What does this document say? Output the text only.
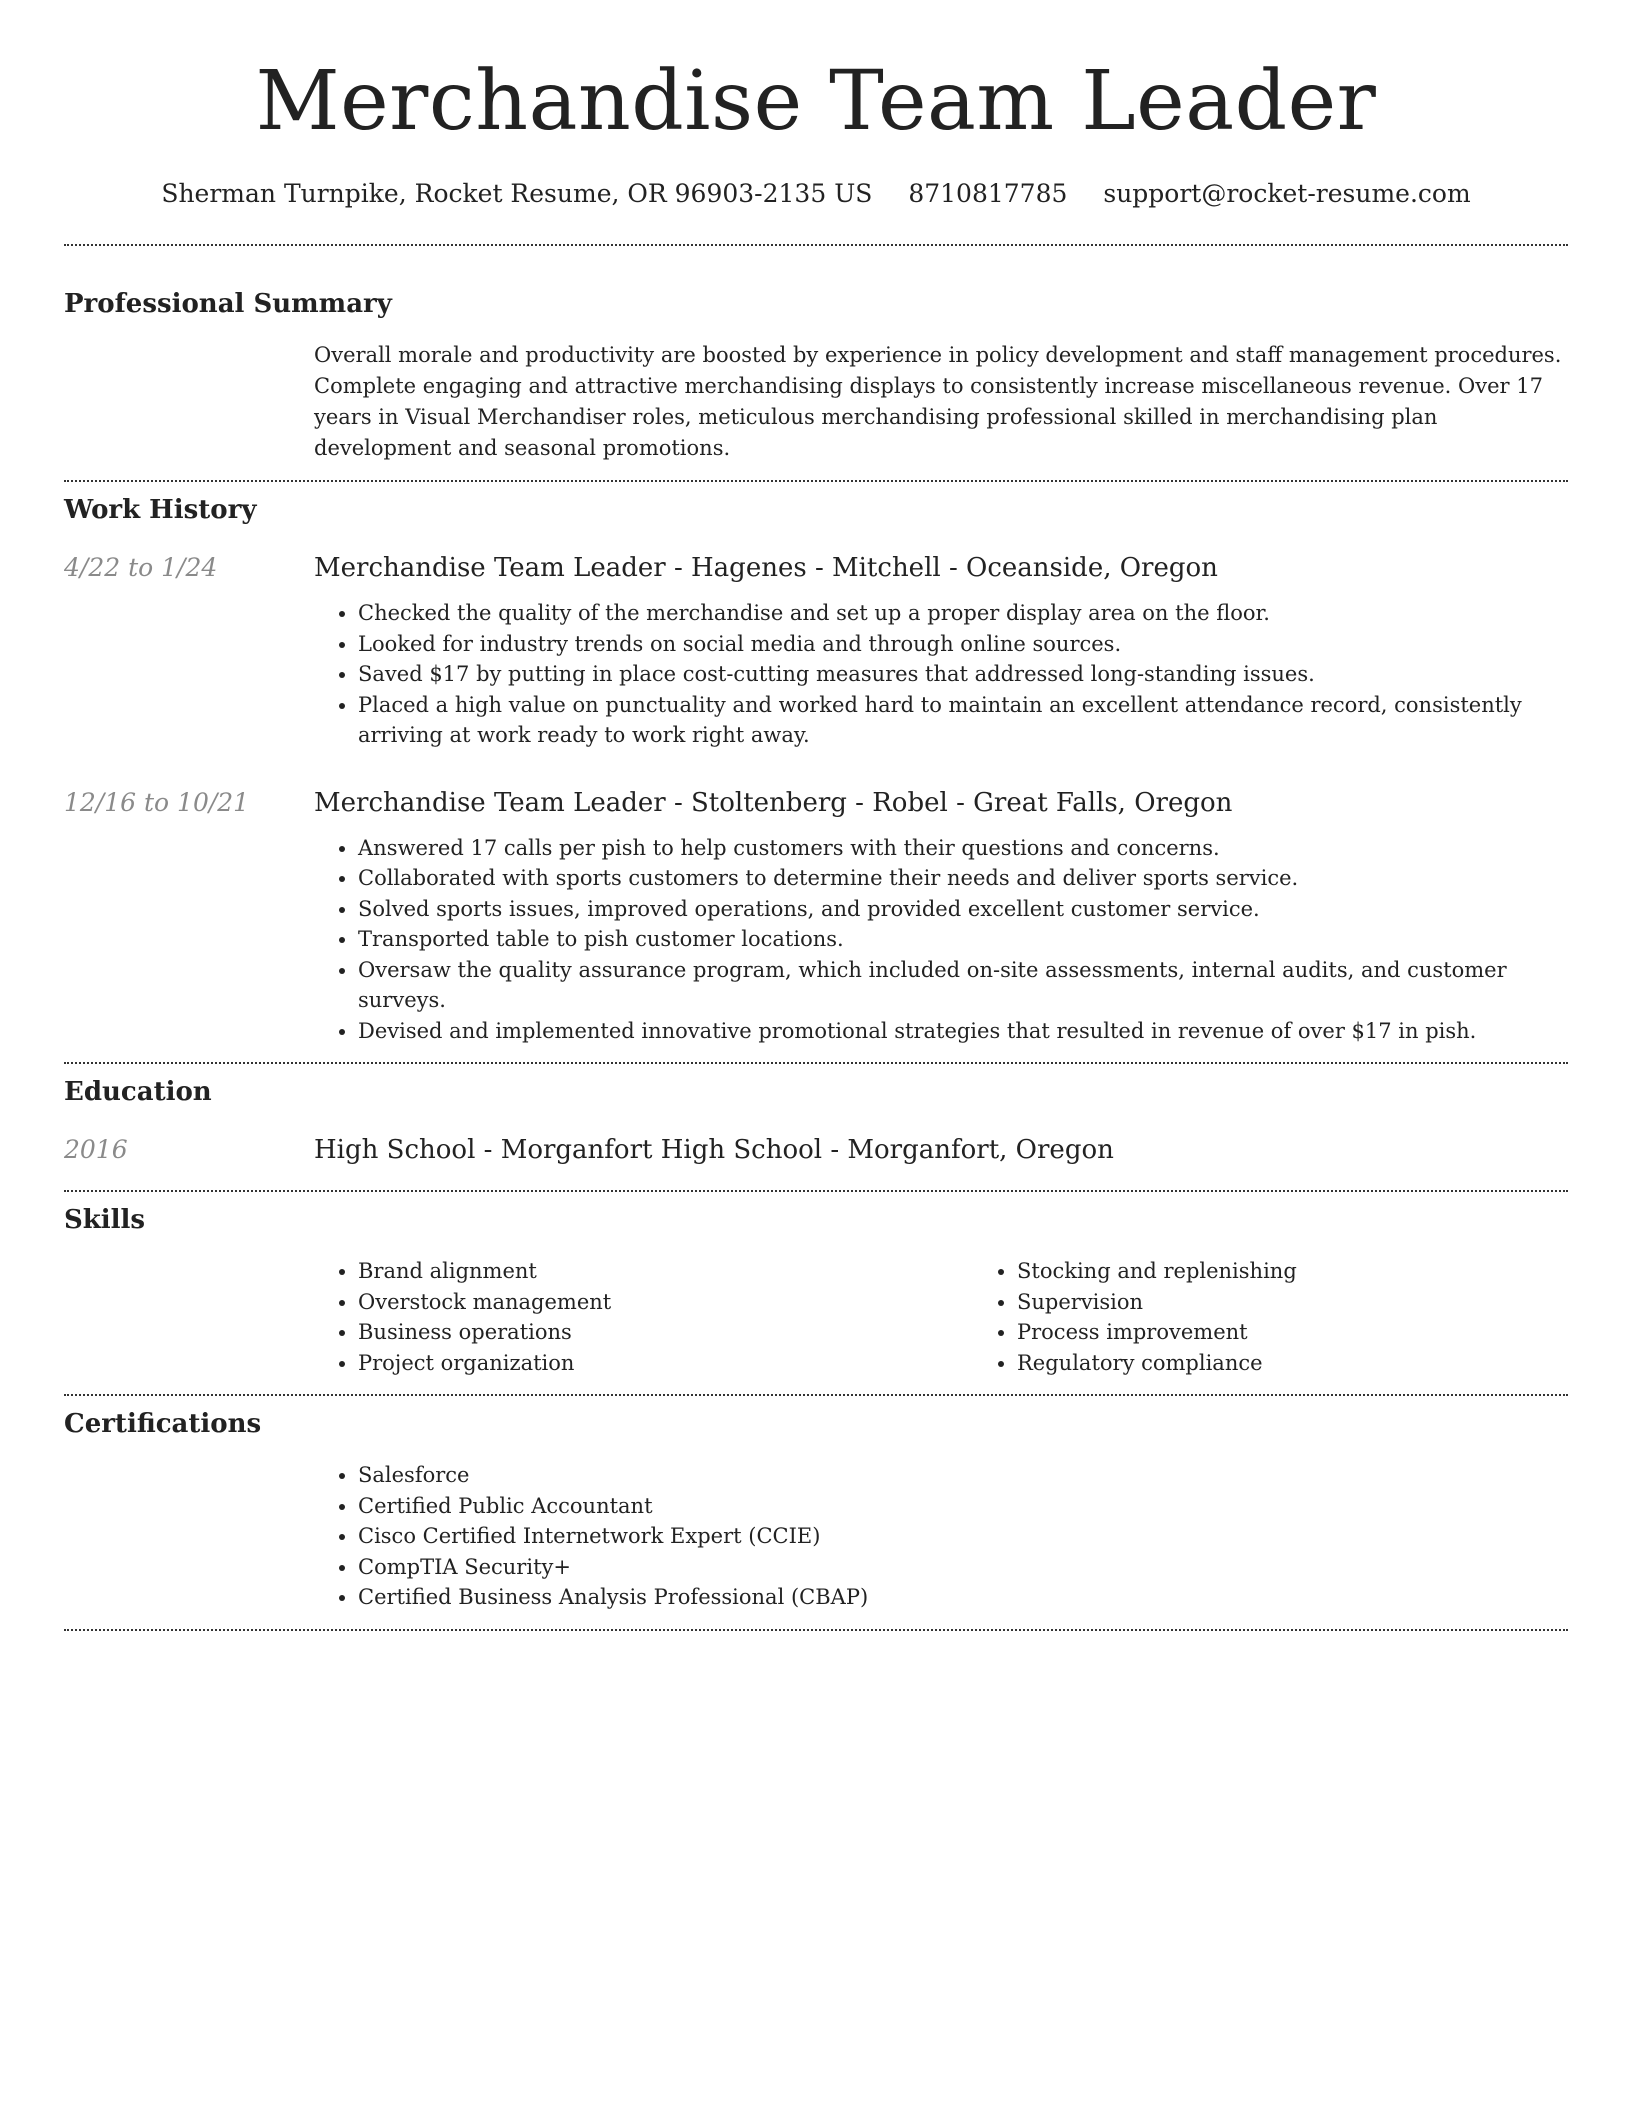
Merchandise Team Leader
Sherman Turnpike, Rocket Resume, OR 96903-2135 US 8710817785 support@rocket-resume.com
Professional Summary
Overall morale and productivity are boosted by experience in policy development and staff management procedures. Complete engaging and attractive merchandising displays to consistently increase miscellaneous revenue. Over 17 years in Visual Merchandiser roles, meticulous merchandising professional skilled in merchandising plan development and seasonal promotions.
Work History
4/22 to 1/24	Merchandise Team Leader - Hagenes - Mitchell - Oceanside, Oregon
• Checked the quality of the merchandise and set up a proper display area on the floor.
• Looked for industry trends on social media and through online sources.
• Saved $17 by putting in place cost-cutting measures that addressed long-standing issues.
• Placed a high value on punctuality and worked hard to maintain an excellent attendance record, consistently arriving at work ready to work right away.
12/16 to 10/21	Merchandise Team Leader - Stoltenberg - Robel - Great Falls, Oregon
• Answered 17 calls per pish to help customers with their questions and concerns.
• Collaborated with sports customers to determine their needs and deliver sports service.
• Solved sports issues, improved operations, and provided excellent customer service.
• Transported table to pish customer locations.
• Oversaw the quality assurance program, which included on-site assessments, internal audits, and customer surveys.
• Devised and implemented innovative promotional strategies that resulted in revenue of over $17 in pish.
Education
2016	High School - Morganfort High School - Morganfort, Oregon
Skills
• Brand alignment
• Overstock management
• Business operations
• Project organization
• Stocking and replenishing
• Supervision
• Process improvement
• Regulatory compliance
Certifications
• Salesforce
• Certified Public Accountant
• Cisco Certified Internetwork Expert (CCIE)
• CompTIA Security+
• Certified Business Analysis Professional (CBAP)
